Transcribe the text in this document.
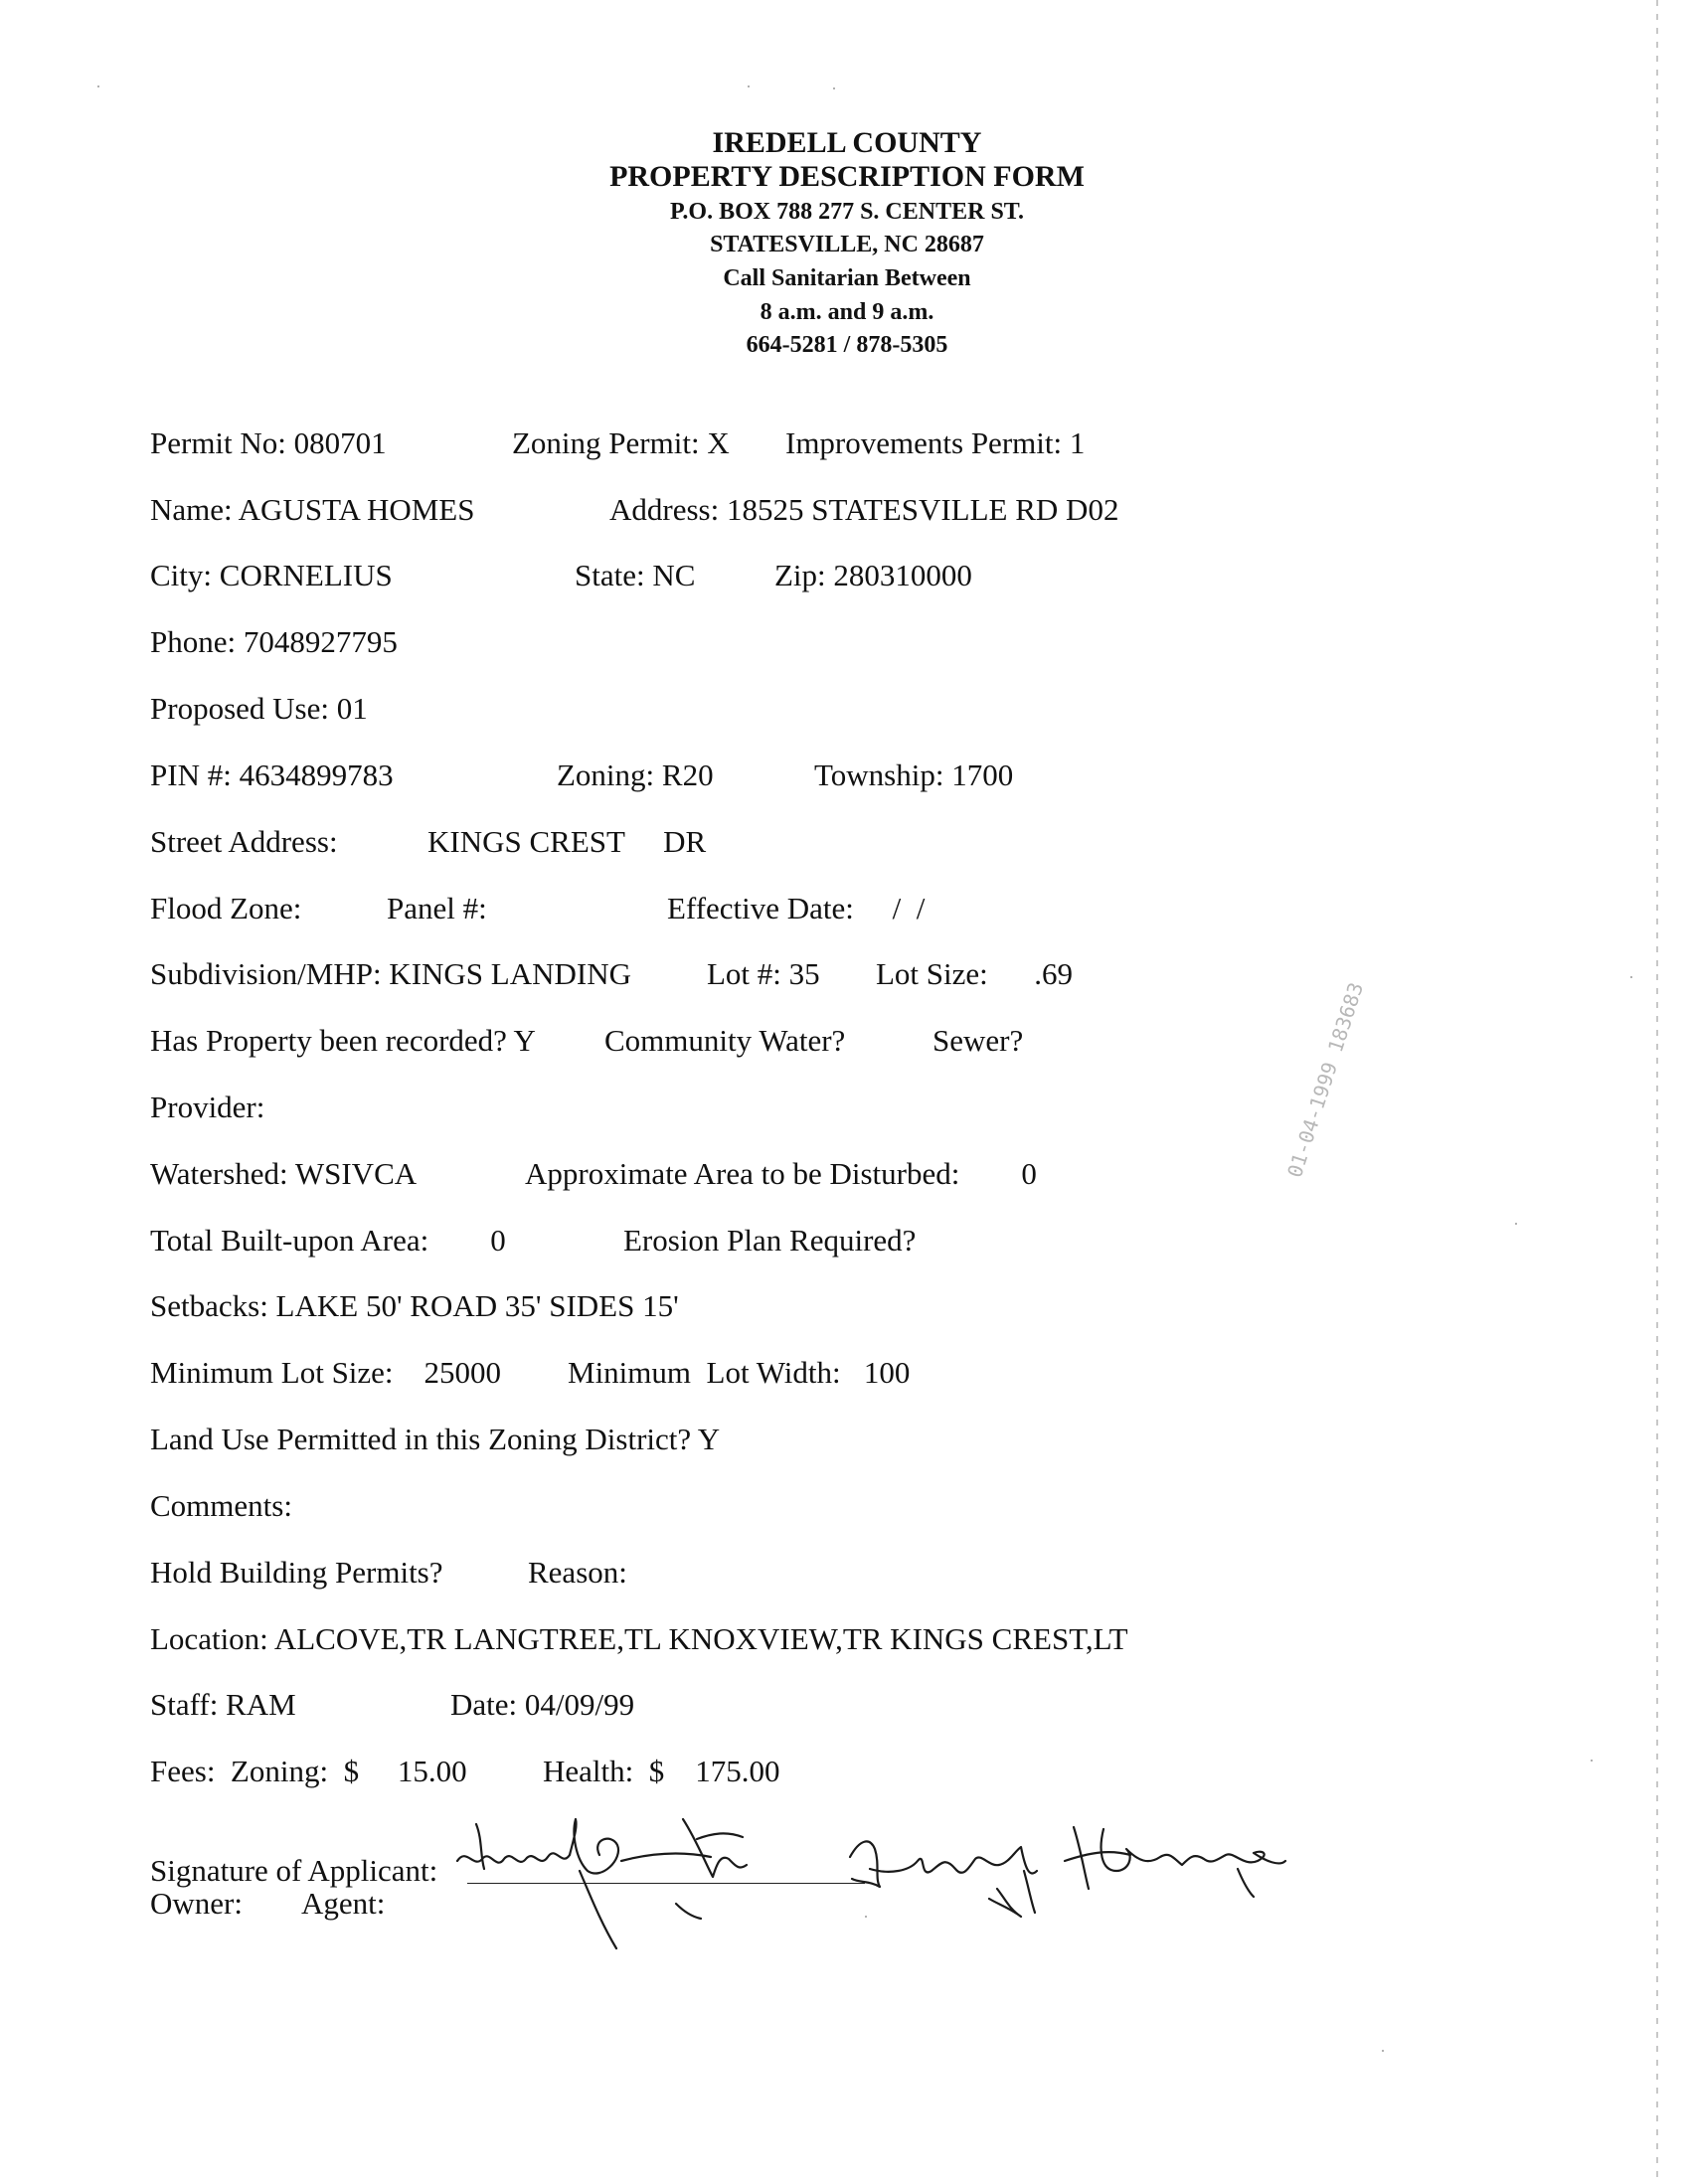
IREDELL COUNTY
PROPERTY DESCRIPTION FORM
P.O. BOX 788 277 S. CENTER ST.
STATESVILLE, NC 28687
Call Sanitarian Between
8 a.m. and 9 a.m.
664-5281 / 878-5305
Permit No: 080701	Zoning Permit: X Improvements Permit: 1
Name: AGUSTA HOMES	Address: 18525 STATESVILLE RD D02
City: CORNELIUS	State: NC	Zip: 280310000
Phone: 7048927795
Proposed Use: 01
PIN #: 4634899783	Zoning: R20	Township: 1700
Street Address:	KINGS CREST     DR
Flood Zone:	Panel #:	Effective Date:     /  /
Subdivision/MHP: KINGS LANDING Lot #: 35 Lot Size:      .69
Has Property been recorded? Y Community Water?	Sewer?
Provider:
Watershed: WSIVCA	Approximate Area to be Disturbed:        0
Total Built-upon Area:        0	Erosion Plan Required?
Setbacks: LAKE 50' ROAD 35' SIDES 15'
Minimum Lot Size:    25000 Minimum  Lot Width:   100
Land Use Permitted in this Zoning District? Y
Comments:
Hold Building Permits?	Reason:
Location: ALCOVE,TR LANGTREE,TL KNOXVIEW,TR KINGS CREST,LT
Staff: RAM	Date: 04/09/99
Fees:  Zoning:  $     15.00 Health:  $    175.00
Signature of Applicant:
Owner: Agent:
01-04-1999 183683
